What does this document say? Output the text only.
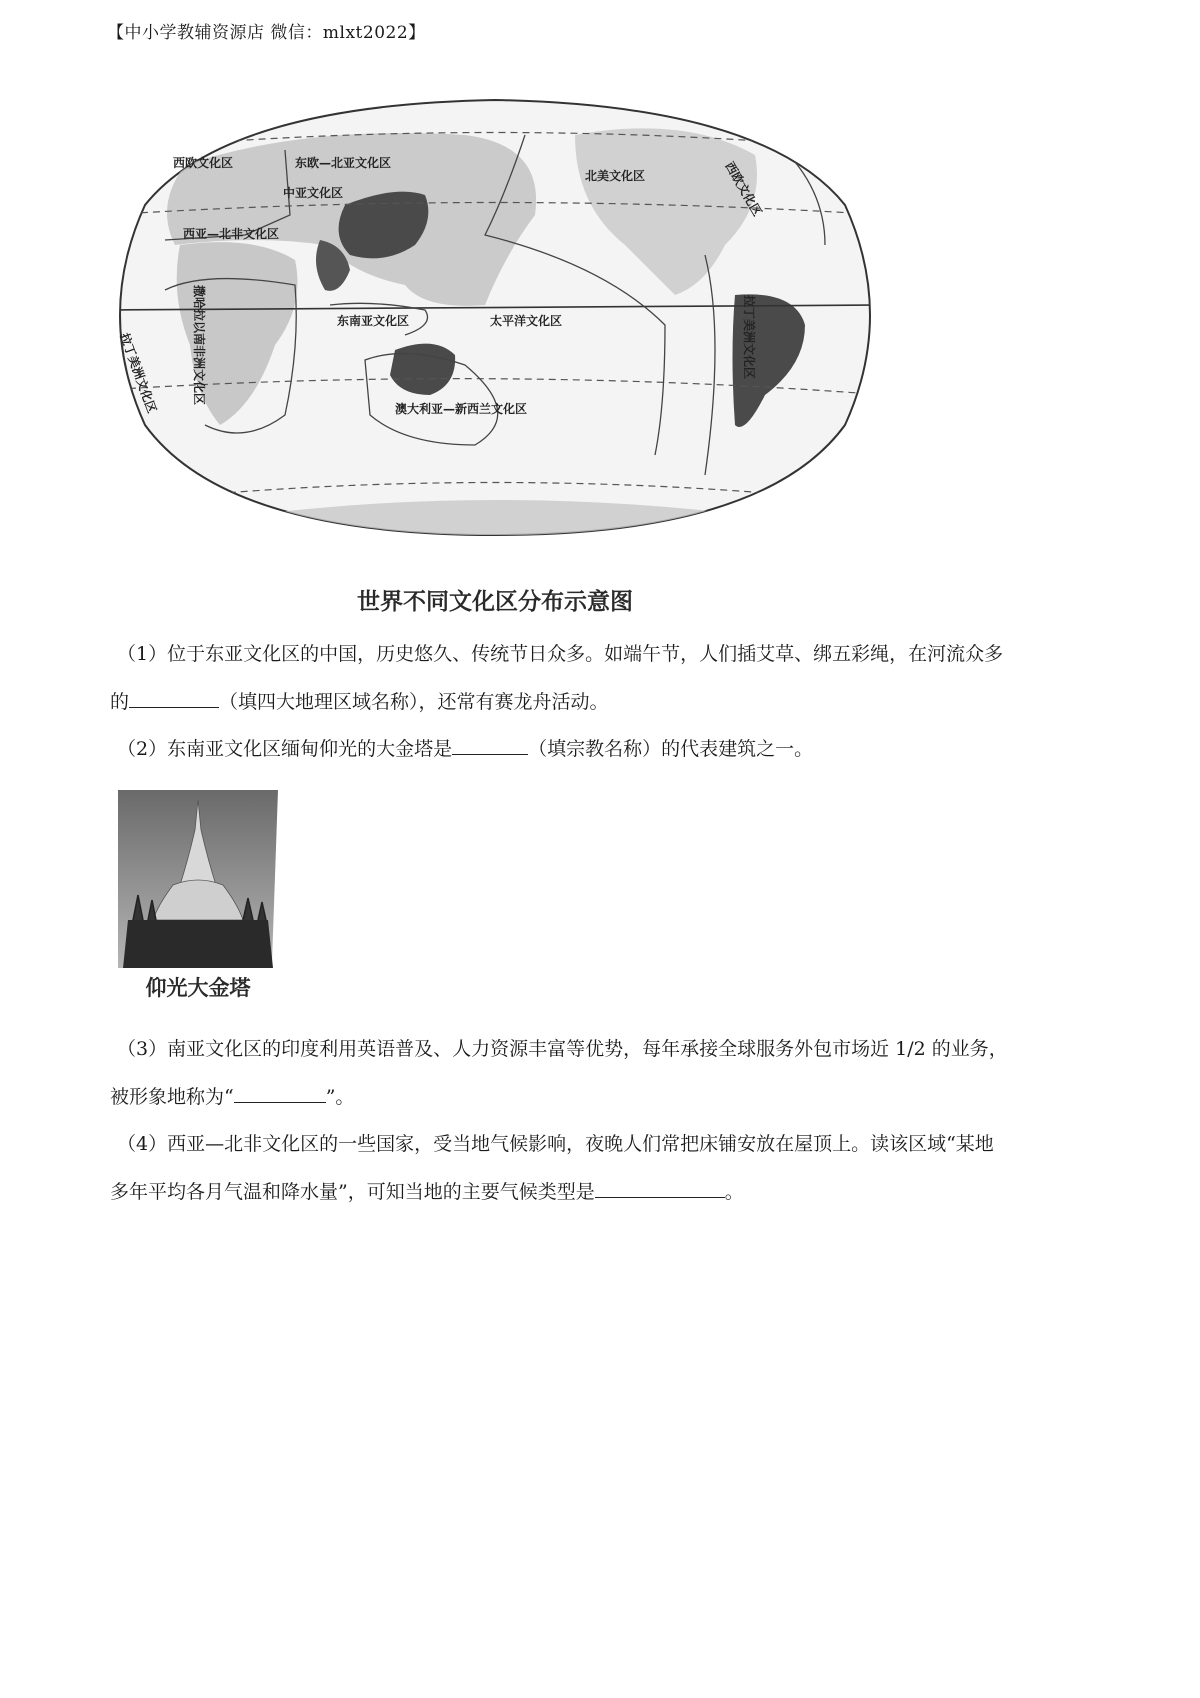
【中小学教辅资源店 微信：mlxt2022】
西欧文化区	东欧—北亚文化区
中亚文化区
西亚—北非文化区
撒哈拉以南非洲文化区	东南亚文化区	太平洋文化区
澳大利亚—新西兰文化区
北美文化区	西欧文化区
拉丁美洲文化区
拉丁美洲文化区
世界不同文化区分布示意图
（1）位于东亚文化区的中国，历史悠久、传统节日众多。如端午节，人们插艾草、绑五彩绳，在河流众多
的	（填四大地理区域名称），还常有赛龙舟活动。
（2）东南亚文化区缅甸仰光的大金塔是	（填宗教名称）的代表建筑之一。
仰光大金塔
（3）南亚文化区的印度利用英语普及、人力资源丰富等优势，每年承接全球服务外包市场近 1/2 的业务，
被形象地称为“	”。
（4）西亚—北非文化区的一些国家，受当地气候影响，夜晚人们常把床铺安放在屋顶上。读该区域“某地
多年平均各月气温和降水量”，可知当地的主要气候类型是	。
